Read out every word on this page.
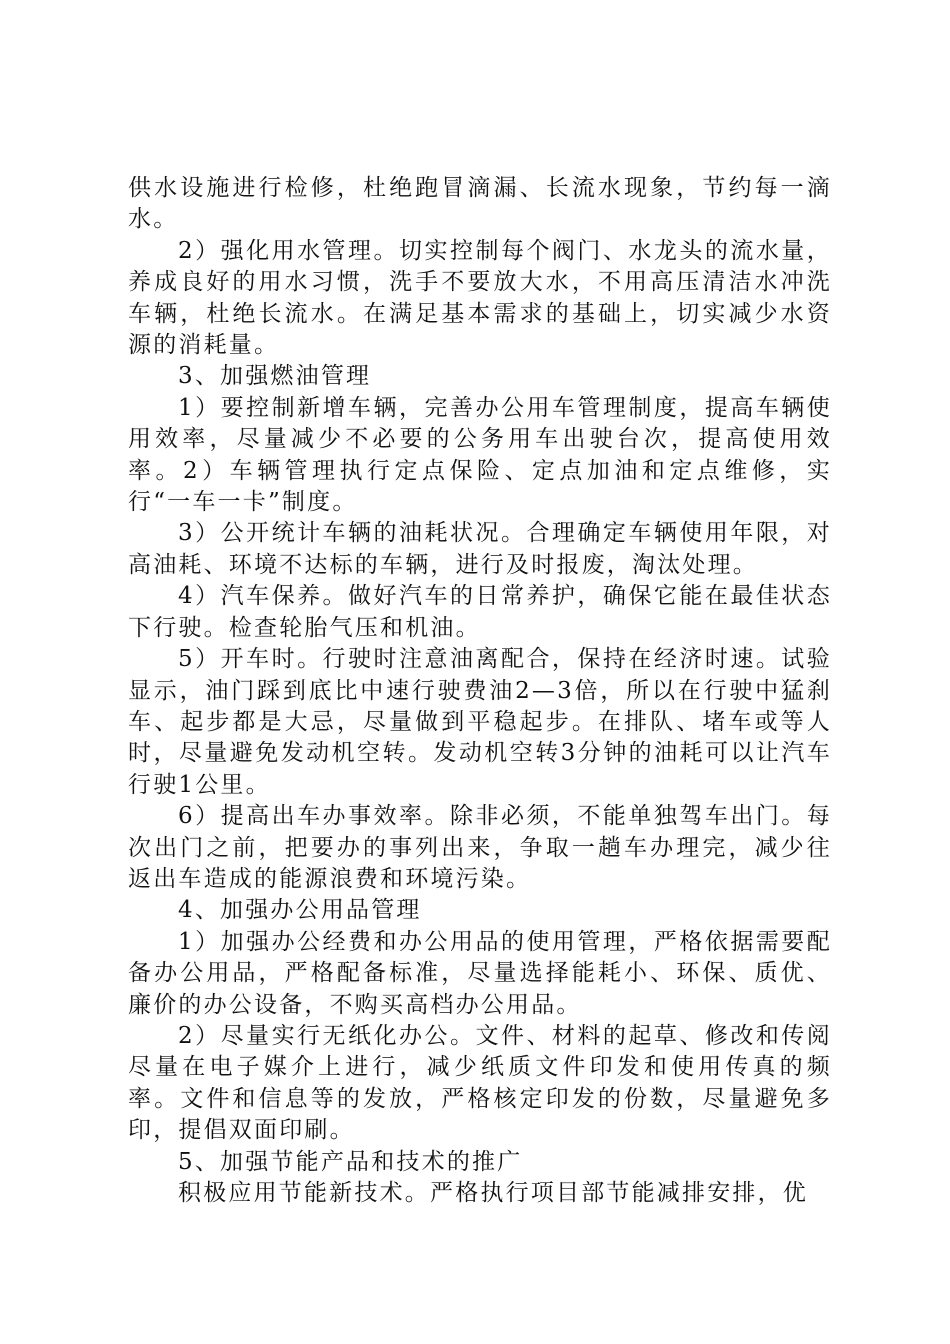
供水设施进行检修，杜绝跑冒滴漏、长流水现象，节约每一滴水。

2）强化用水管理。切实控制每个阀门、水龙头的流水量，养成良好的用水习惯，洗手不要放大水，不用高压清洁水冲洗车辆，杜绝长流水。在满足基本需求的基础上，切实减少水资源的消耗量。

3、加强燃油管理

1）要控制新增车辆，完善办公用车管理制度，提高车辆使用效率，尽量减少不必要的公务用车出驶台次，提高使用效率。2）车辆管理执行定点保险、定点加油和定点维修，实行“一车一卡”制度。

3）公开统计车辆的油耗状况。合理确定车辆使用年限，对高油耗、环境不达标的车辆，进行及时报废，淘汰处理。

4）汽车保养。做好汽车的日常养护，确保它能在最佳状态下行驶。检查轮胎气压和机油。

5）开车时。行驶时注意油离配合，保持在经济时速。试验显示，油门踩到底比中速行驶费油2—3倍，所以在行驶中猛刹车、起步都是大忌，尽量做到平稳起步。在排队、堵车或等人时，尽量避免发动机空转。发动机空转3分钟的油耗可以让汽车行驶1公里。

6）提高出车办事效率。除非必须，不能单独驾车出门。每次出门之前，把要办的事列出来，争取一趟车办理完，减少往返出车造成的能源浪费和环境污染。

4、加强办公用品管理

1）加强办公经费和办公用品的使用管理，严格依据需要配备办公用品，严格配备标准，尽量选择能耗小、环保、质优、廉价的办公设备，不购买高档办公用品。

2）尽量实行无纸化办公。文件、材料的起草、修改和传阅尽量在电子媒介上进行，减少纸质文件印发和使用传真的频率。文件和信息等的发放，严格核定印发的份数，尽量避免多印，提倡双面印刷。

5、加强节能产品和技术的推广

积极应用节能新技术。严格执行项目部节能减排安排，优
